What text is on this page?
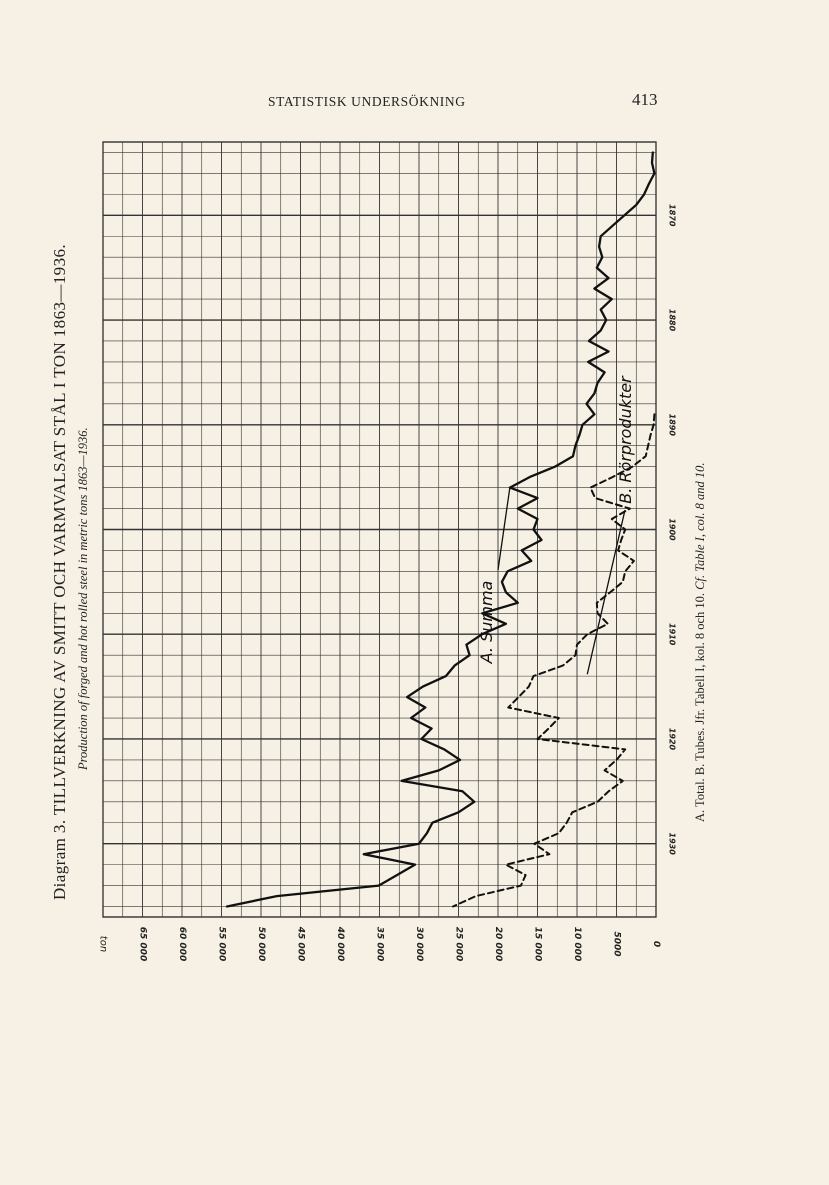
STATISTISK UNDERSÖKNING	413
Diagram 3. TILLVERKNING AV SMITT OCH VARMVALSAT STÅL I TON 1863—1936. Production of forged and hot rolled steel in metric tons 1863—1936.	A. Total. B. Tubes. Jfr. Tabell I, kol. 8 och 10. Cf. Table I, col. 8 and 10.
0
5000
10 000
15 000
20 000
25 000
30 000
35 000
40 000
45 000
50 000
55 000
60 000
65 000
ton
1870
1880
1890
1900
1910
1920
1930
A. Summa
B. Rörprodukter
